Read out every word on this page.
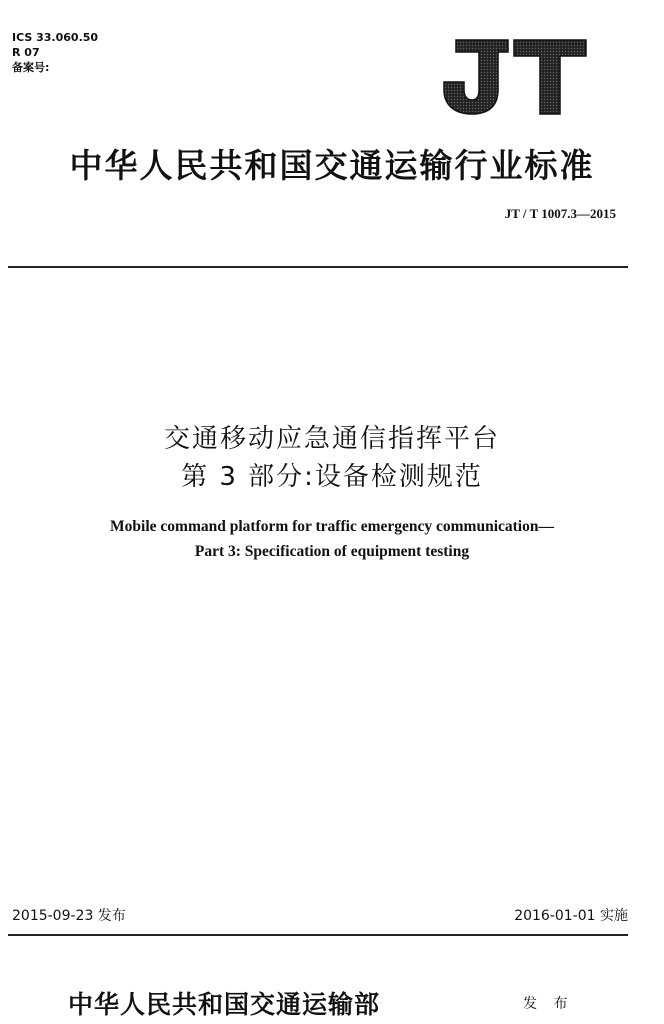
ICS 33.060.50
R 07
备案号:
中华人民共和国交通运输行业标准
JT / T 1007.3—2015
交通移动应急通信指挥平台
第 3 部分:设备检测规范
Mobile command platform for traffic emergency communication—
Part 3: Specification of equipment testing
2015-09-23 发布	2016-01-01 实施
中华人民共和国交通运输部	发 布
